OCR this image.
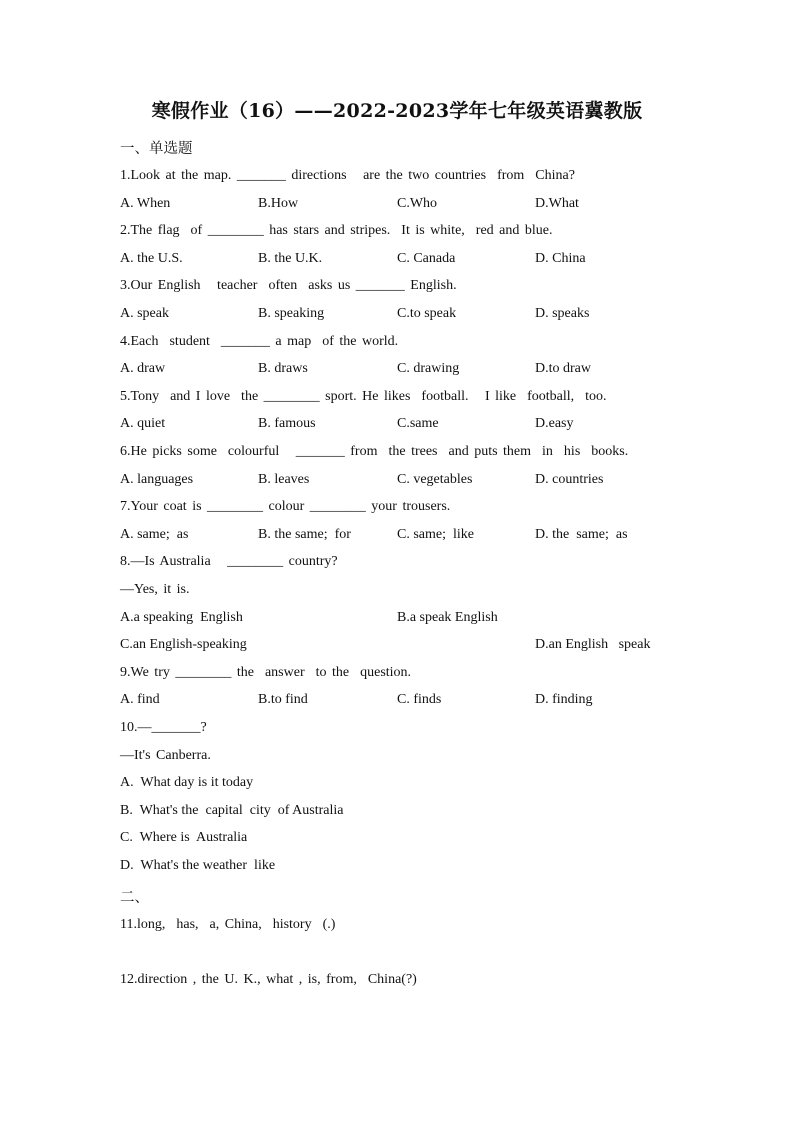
寒假作业（16）——2022-2023学年七年级英语冀教版
一、单选题
1.Look at the map. _______ directions   are the two countries  from  China?
A. When	B.How	C.Who	D.What
2.The flag  of ________ has stars and stripes.  It is white,  red and blue.
A. the U.S.	B. the U.K.	C. Canada	D. China
3.Our English   teacher  often  asks us _______ English.
A. speak	B. speaking	C.to speak	D. speaks
4.Each  student  _______ a map  of the world.
A. draw	B. draws	C. drawing	D.to draw
5.Tony  and I love  the ________ sport. He likes  football.   I like  football,  too.
A. quiet	B. famous	C.same	D.easy
6.He picks some  colourful   _______ from  the trees  and puts them  in  his  books.
A. languages	B. leaves	C. vegetables	D. countries
7.Your coat is ________ colour ________ your trousers.
A. same;  as	B. the same;  for	C. same;  like	D. the  same;  as
8.—Is Australia   ________ country?
—Yes, it is.
A.a speaking  English	B.a speak English
C.an English-speaking	D.an English   speak
9.We try ________ the  answer  to the  question.
A. find	B.to find	C. finds	D. finding
10.—_______?
—It's Canberra.
A.  What day is it today
B.  What's the  capital  city  of Australia
C.  Where is  Australia
D.  What's the weather  like
二、
11.long,  has,  a, China,  history  (.)
12.direction , the U. K., what , is, from,  China(?)
